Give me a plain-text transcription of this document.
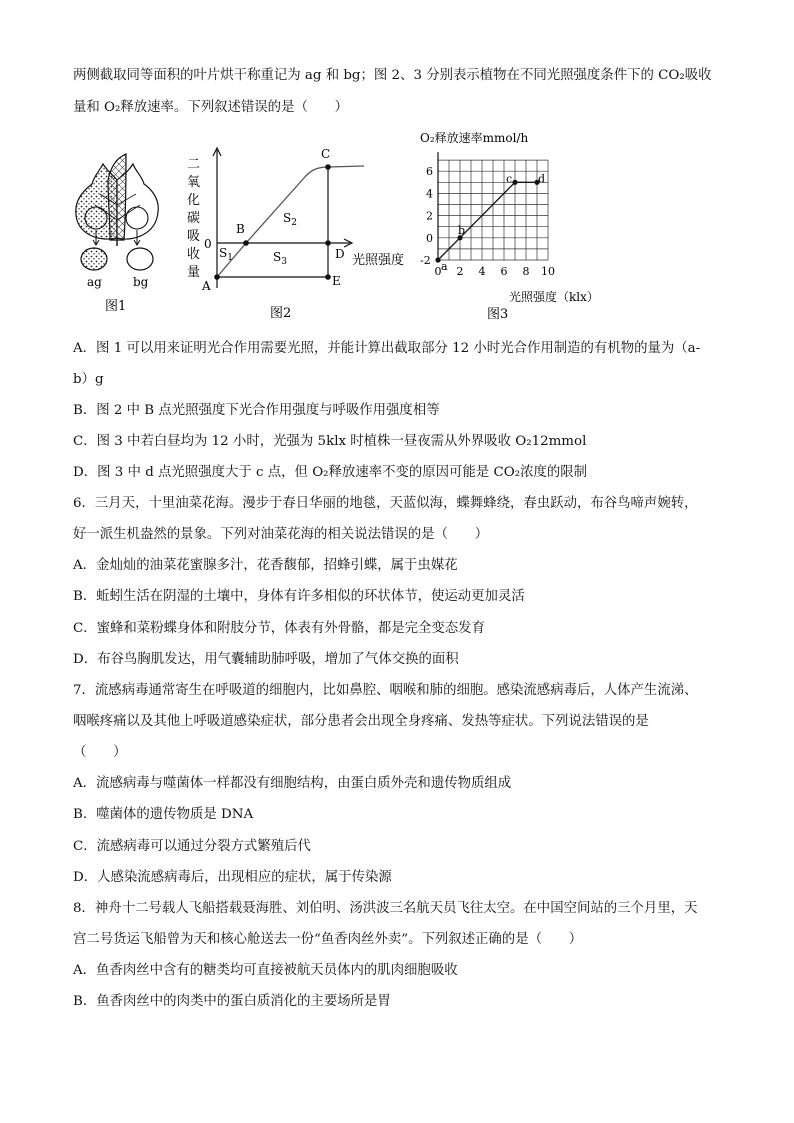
两侧截取同等面积的叶片烘干称重记为 ag 和 bg；图 2、3 分别表示植物在不同光照强度条件下的 CO₂吸收
量和 O₂释放速率。下列叙述错误的是（　　）
ag	bg
图1
二
氧
化
碳
吸
收
量
0
A
B
C
D
E
$S_1$
$S_2$
$S_3$	光照强度
图2
O₂释放速率mmol/h
6
4
2
0
-2
0 2 4 6 8 10
a
b
c d
光照强度（klx）
图3
A．图 1 可以用来证明光合作用需要光照，并能计算出截取部分 12 小时光合作用制造的有机物的量为（a-
b）g
B．图 2 中 B 点光照强度下光合作用强度与呼吸作用强度相等
C．图 3 中若白昼均为 12 小时，光强为 5klx 时植株一昼夜需从外界吸收 O₂12mmol
D．图 3 中 d 点光照强度大于 c 点，但 O₂释放速率不变的原因可能是 CO₂浓度的限制
6．三月天，十里油菜花海。漫步于春日华丽的地毯，天蓝似海，蝶舞蜂绕，春虫跃动，布谷鸟啼声婉转，
好一派生机盎然的景象。下列对油菜花海的相关说法错误的是（　　）
A．金灿灿的油菜花蜜腺多汁，花香馥郁，招蜂引蝶，属于虫媒花
B．蚯蚓生活在阴湿的土壤中，身体有许多相似的环状体节，使运动更加灵活
C．蜜蜂和菜粉蝶身体和附肢分节，体表有外骨骼，都是完全变态发育
D．布谷鸟胸肌发达，用气囊辅助肺呼吸，增加了气体交换的面积
7．流感病毒通常寄生在呼吸道的细胞内，比如鼻腔、咽喉和肺的细胞。感染流感病毒后，人体产生流涕、
咽喉疼痛以及其他上呼吸道感染症状，部分患者会出现全身疼痛、发热等症状。下列说法错误的是
（　　）
A．流感病毒与噬菌体一样都没有细胞结构，由蛋白质外壳和遗传物质组成
B．噬菌体的遗传物质是 DNA
C．流感病毒可以通过分裂方式繁殖后代
D．人感染流感病毒后，出现相应的症状，属于传染源
8．神舟十二号载人飞船搭载聂海胜、刘伯明、汤洪波三名航天员飞往太空。在中国空间站的三个月里，天
宫二号货运飞船曾为天和核心舱送去一份“鱼香肉丝外卖”。下列叙述正确的是（　　）
A．鱼香肉丝中含有的糖类均可直接被航天员体内的肌肉细胞吸收
B．鱼香肉丝中的肉类中的蛋白质消化的主要场所是胃
